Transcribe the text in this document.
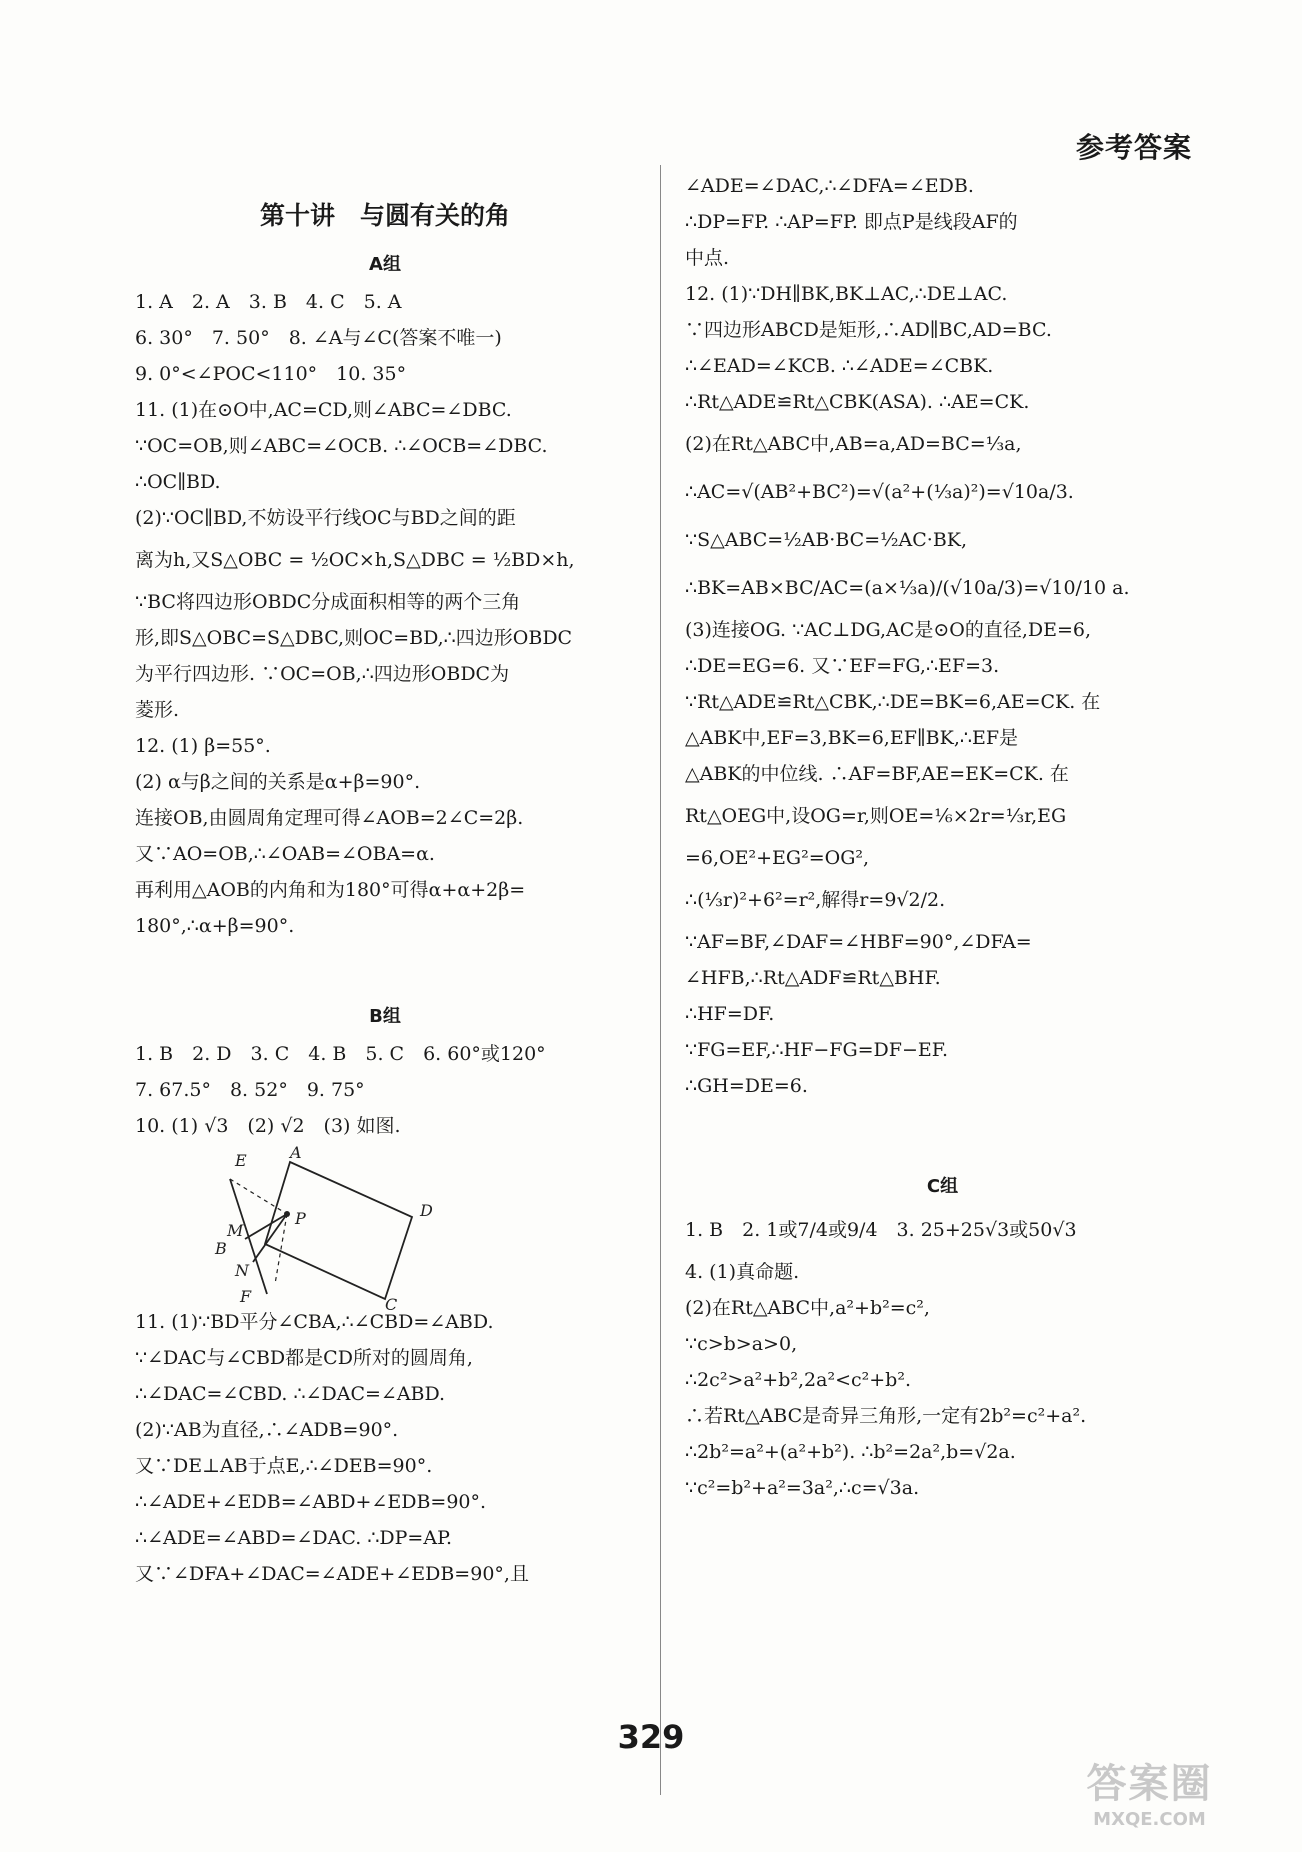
参考答案
第十讲　与圆有关的角
A组
1. A　2. A　3. B　4. C　5. A
6. 30°　7. 50°　8. ∠A与∠C(答案不唯一)
9. 0°<∠POC<110°　10. 35°
11. (1)在⊙O中,AC=CD,则∠ABC=∠DBC.
∵OC=OB,则∠ABC=∠OCB. ∴∠OCB=∠DBC.
∴OC∥BD.
(2)∵OC∥BD,不妨设平行线OC与BD之间的距
离为h,又S△OBC = ½OC×h,S△DBC = ½BD×h,
∵BC将四边形OBDC分成面积相等的两个三角
形,即S△OBC=S△DBC,则OC=BD,∴四边形OBDC
为平行四边形. ∵OC=OB,∴四边形OBDC为
菱形.
12. (1) β=55°.
(2) α与β之间的关系是α+β=90°.
连接OB,由圆周角定理可得∠AOB=2∠C=2β.
又∵AO=OB,∴∠OAB=∠OBA=α.
再利用△AOB的内角和为180°可得α+α+2β=
180°,∴α+β=90°.
B组
1. B　2. D　3. C　4. B　5. C　6. 60°或120°
7. 67.5°　8. 52°　9. 75°
10. (1) √3　(2) √2　(3) 如图.
E	A
D
M
P
B
N
F	C
11. (1)∵BD平分∠CBA,∴∠CBD=∠ABD.
∵∠DAC与∠CBD都是CD所对的圆周角,
∴∠DAC=∠CBD. ∴∠DAC=∠ABD.
(2)∵AB为直径,∴∠ADB=90°.
又∵DE⊥AB于点E,∴∠DEB=90°.
∴∠ADE+∠EDB=∠ABD+∠EDB=90°.
∴∠ADE=∠ABD=∠DAC. ∴DP=AP.
又∵∠DFA+∠DAC=∠ADE+∠EDB=90°,且
∠ADE=∠DAC,∴∠DFA=∠EDB.
∴DP=FP. ∴AP=FP. 即点P是线段AF的
中点.
12. (1)∵DH∥BK,BK⊥AC,∴DE⊥AC.
∵四边形ABCD是矩形,∴AD∥BC,AD=BC.
∴∠EAD=∠KCB. ∴∠ADE=∠CBK.
∴Rt△ADE≌Rt△CBK(ASA). ∴AE=CK.
(2)在Rt△ABC中,AB=a,AD=BC=⅓a,
∴AC=√(AB²+BC²)=√(a²+(⅓a)²)=√10a/3.
∵S△ABC=½AB·BC=½AC·BK,
∴BK=AB×BC/AC=(a×⅓a)/(√10a/3)=√10/10 a.
(3)连接OG. ∵AC⊥DG,AC是⊙O的直径,DE=6,
∴DE=EG=6. 又∵EF=FG,∴EF=3.
∵Rt△ADE≌Rt△CBK,∴DE=BK=6,AE=CK. 在
△ABK中,EF=3,BK=6,EF∥BK,∴EF是
△ABK的中位线. ∴AF=BF,AE=EK=CK. 在
Rt△OEG中,设OG=r,则OE=⅙×2r=⅓r,EG
=6,OE²+EG²=OG²,
∴(⅓r)²+6²=r²,解得r=9√2/2.
∵AF=BF,∠DAF=∠HBF=90°,∠DFA=
∠HFB,∴Rt△ADF≌Rt△BHF.
∴HF=DF.
∵FG=EF,∴HF−FG=DF−EF.
∴GH=DE=6.
C组
1. B　2. 1或7/4或9/4　3. 25+25√3或50√3
4. (1)真命题.
(2)在Rt△ABC中,a²+b²=c²,
∵c>b>a>0,
∴2c²>a²+b²,2a²<c²+b².
∴若Rt△ABC是奇异三角形,一定有2b²=c²+a².
∴2b²=a²+(a²+b²). ∴b²=2a²,b=√2a.
∵c²=b²+a²=3a²,∴c=√3a.
329
答案圈
MXQE.COM
